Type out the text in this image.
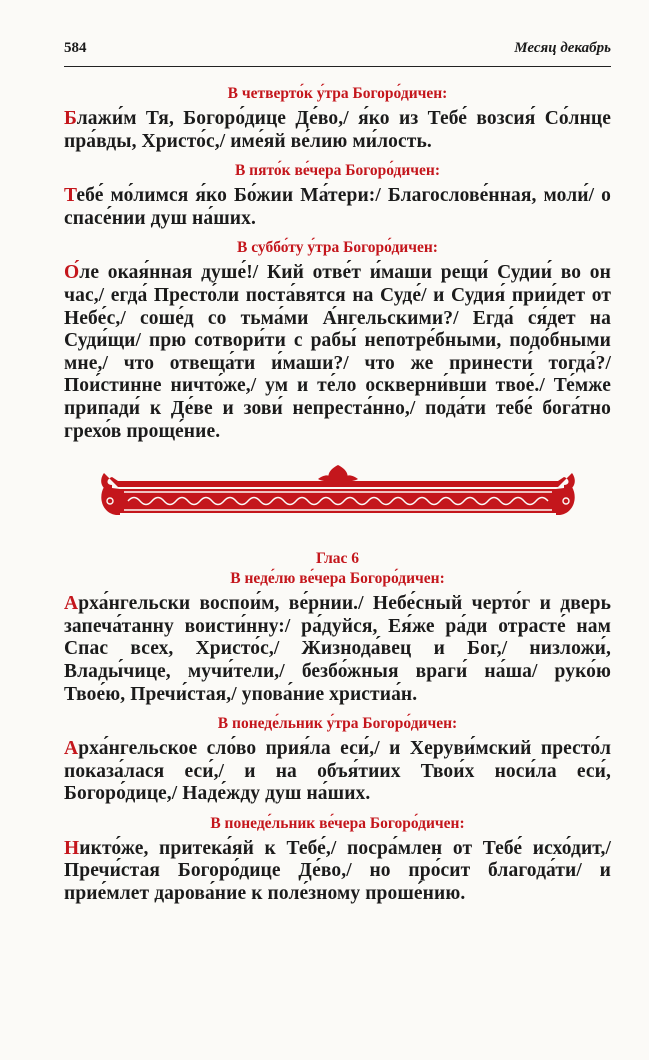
584	Месяц декабрь
В четверто́к у́тра Богоро́дичен:

Блажи́м Тя, Богоро́дице Де́во,/ я́ко из Тебе́ возсия́ Со́лнце пра́вды, Христо́с,/ име́яй ве́лию ми́лость.

В пято́к ве́чера Богоро́дичен:

Тебе́ мо́лимся я́ко Бо́жии Ма́тери:/ Благослове́нная, моли́/ о спасе́нии душ на́ших.

В суббо́ту у́тра Богоро́дичен:

О́ле окая́нная душе́!/ Кий отве́т и́маши рещи́ Судии́ во он час,/ егда́ Престо́ли поста́вятся на Суде́/ и Судия́ прии́дет от Небе́с,/ соше́д со тьма́ми А́нгельскими?/ Егда́ ся́дет на Суди́щи/ прю сотвори́ти с рабы́ непотре́бными, подо́бными мне,/ что отвеща́ти и́маши?/ что же принести́ тогда́?/ Пои́стинне ничто́же,/ ум и те́ло оскверни́вши твое́./ Те́мже припади́ к Де́ве и зови́ непреста́нно,/ пода́ти тебе́ бога́тно грехо́в проще́ние.

Глас 6
В неде́лю ве́чера Богоро́дичен:

Арха́нгельски воспои́м, ве́рнии./ Небе́сный черто́г и дверь запеча́танну воисти́нну:/ ра́дуйся, Ея́же ра́ди отрасте́ нам Спас всех, Христо́с,/ Жизнода́вец и Бог,/ низложи́, Влады́чице, мучи́тели,/ безбо́жныя враги́ на́ша/ руко́ю Твое́ю, Пречи́стая,/ упова́ние христиа́н.

В понеде́льник у́тра Богоро́дичен:

Арха́нгельское сло́во прия́ла еси́,/ и Херуви́мский престо́л показа́лася еси́,/ и на объя́тиих Твои́х носи́ла еси́, Богоро́дице,/ Наде́жду душ на́ших.

В понеде́льник ве́чера Богоро́дичен:

Никто́же, притека́яй к Тебе́,/ посра́млен от Тебе́ исхо́дит,/ Пречи́стая Богоро́дице Де́во,/ но про́сит благода́ти/ и прие́млет дарова́ние к поле́зному проше́нию.
